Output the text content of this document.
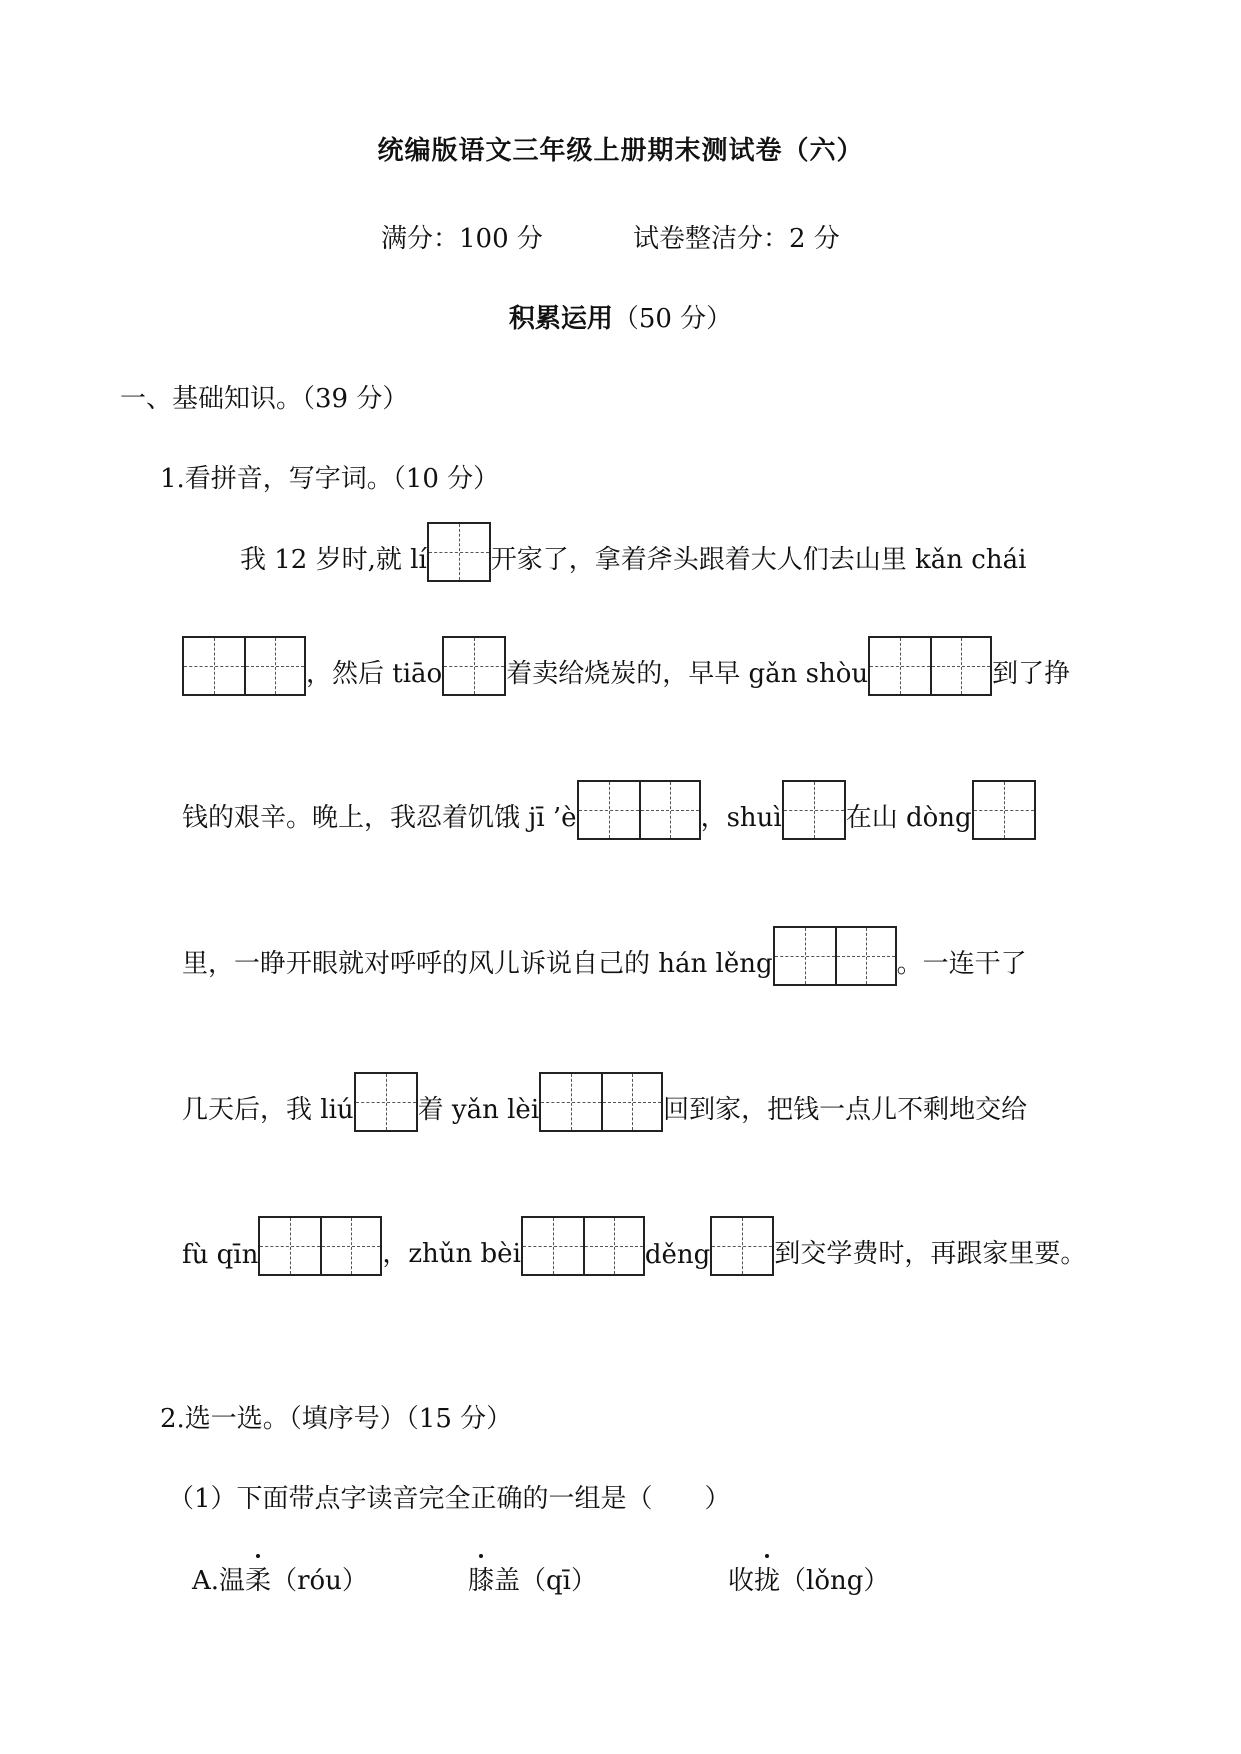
统编版语文三年级上册期末测试卷（六）
满分：100 分	试卷整洁分：2 分
积累运用（50 分）
一、基础知识。（39 分）
1.看拼音，写字词。（10 分）
我 12 岁时,就 lí 开家了，拿着斧头跟着大人们去山里 kǎn chái
，然后 tiāo 着卖给烧炭的，早早 gǎn shòu	到了挣
钱的艰辛。晚上，我忍着饥饿 jī ’è	，shuì 在山 dòng
里，一睁开眼就对呼呼的风儿诉说自己的 hán lěng	。一连干了
几天后，我 liú 着 yǎn lèi	回到家，把钱一点儿不剩地交给
fù qīn	，zhǔn bèi	děng 到交学费时，再跟家里要。
2.选一选。（填序号）（15 分）
（1）下面带点字读音完全正确的一组是（　　）
A.温柔（róu）	膝盖（qī）	收拢（lǒng）
